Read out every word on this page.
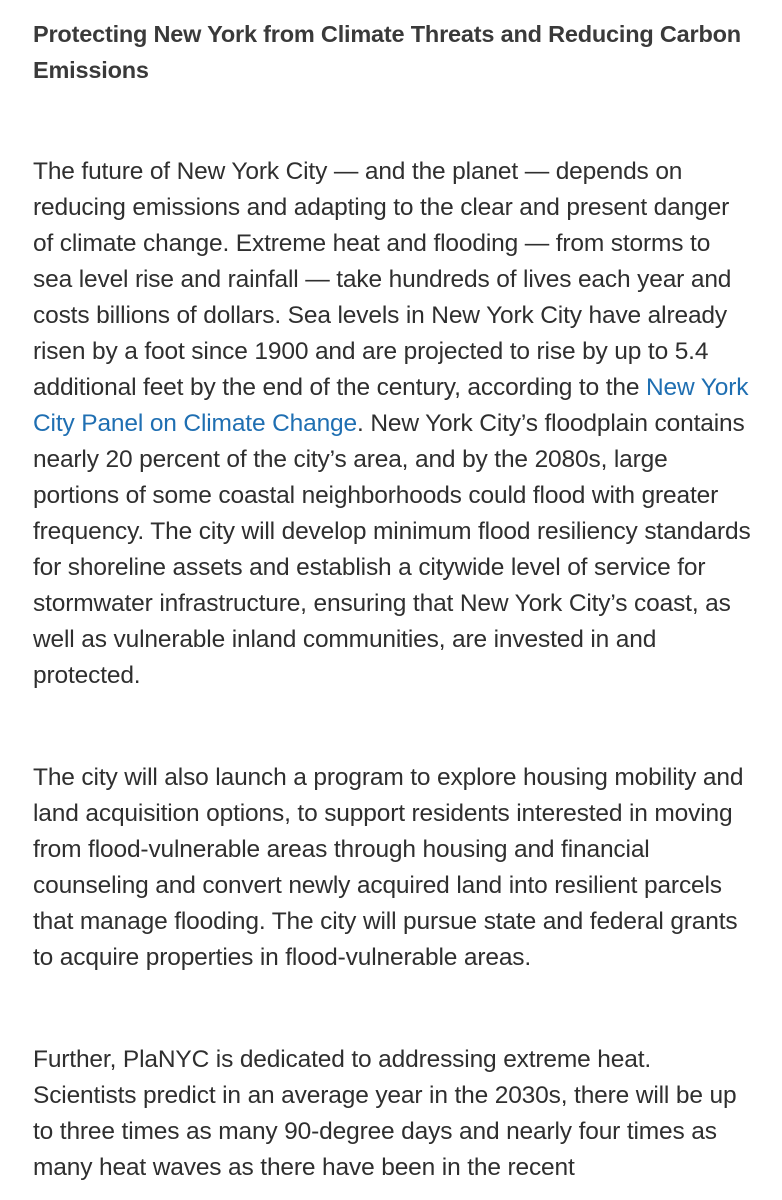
Protecting New York from Climate Threats and Reducing Carbon Emissions

The future of New York City — and the planet — depends on reducing emissions and adapting to the clear and present danger of climate change. Extreme heat and flooding — from storms to sea level rise and rainfall — take hundreds of lives each year and costs billions of dollars. Sea levels in New York City have already risen by a foot since 1900 and are projected to rise by up to 5.4 additional feet by the end of the century, according to the New York City Panel on Climate Change. New York City’s floodplain contains nearly 20 percent of the city’s area, and by the 2080s, large portions of some coastal neighborhoods could flood with greater frequency. The city will develop minimum flood resiliency standards for shoreline assets and establish a citywide level of service for stormwater infrastructure, ensuring that New York City’s coast, as well as vulnerable inland communities, are invested in and protected.

The city will also launch a program to explore housing mobility and land acquisition options, to support residents interested in moving from flood-vulnerable areas through housing and financial counseling and convert newly acquired land into resilient parcels that manage flooding. The city will pursue state and federal grants to acquire properties in flood-vulnerable areas.

Further, PlaNYC is dedicated to addressing extreme heat. Scientists predict in an average year in the 2030s, there will be up to three times as many 90-degree days and nearly four times as many heat waves as there have been in the recent
